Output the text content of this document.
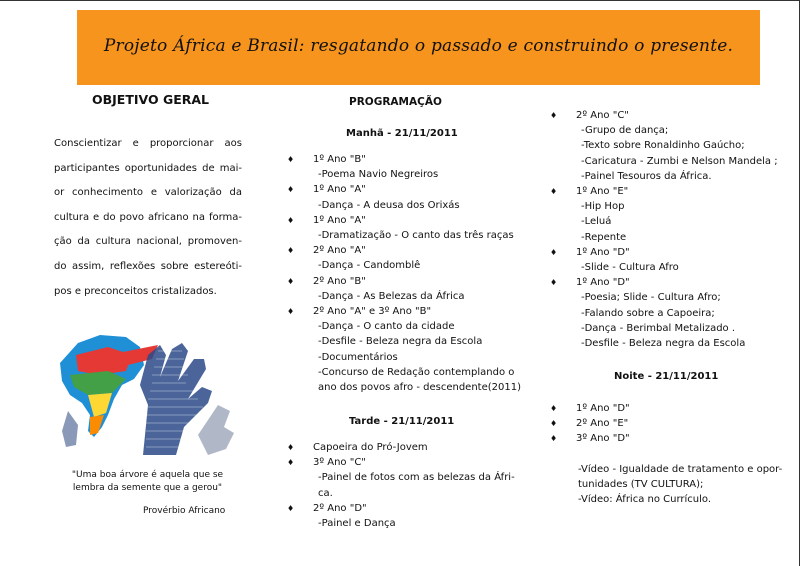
Projeto África e Brasil: resgatando o passado e construindo o presente.
OBJETIVO GERAL

Conscientizar e proporcionar aos participantes oportunidades de mai- or conhecimento e valorização da cultura e do povo africano na forma- ção da cultura nacional, promoven- do assim, reflexões sobre estereóti- pos e preconceitos cristalizados.

"Uma boa árvore é aquela que se lembra da semente que a gerou"

Provérbio Africano
PROGRAMAÇÃO
Manhã - 21/11/2011
♦ 1º Ano "B"
-Poema Navio Negreiros
♦ 1º Ano "A"
-Dança - A deusa dos Orixás
♦ 1º Ano "A"
-Dramatização - O canto das três raças
♦ 2º Ano "A"
-Dança - Candomblê
♦ 2º Ano "B"
-Dança - As Belezas da África
♦ 2º Ano "A" e 3º Ano "B"
-Dança - O canto da cidade
-Desfile - Beleza negra da Escola
-Documentários
-Concurso de Redação contemplando o
ano dos povos afro - descendente(2011)
Tarde - 21/11/2011
♦ Capoeira do Pró-Jovem
♦ 3º Ano "C"
-Painel de fotos com as belezas da Áfri-
ca.
♦ 2º Ano "D"
-Painel e Dança
♦ 2º Ano "C"
-Grupo de dança;
-Texto sobre Ronaldinho Gaúcho;
-Caricatura - Zumbi e Nelson Mandela ;
-Painel Tesouros da África.
♦ 1º Ano "E"
-Hip Hop
-Leluá
-Repente
♦ 1º Ano "D"
-Slide - Cultura Afro
♦ 1º Ano "D"
-Poesia; Slide - Cultura Afro;
-Falando sobre a Capoeira;
-Dança - Berimbal Metalizado .
-Desfile - Beleza negra da Escola
Noite - 21/11/2011
♦ 1º Ano "D"
♦ 2º Ano "E"
♦ 3º Ano "D"
-Vídeo - Igualdade de tratamento e opor-
tunidades (TV CULTURA);
-Vídeo: África no Currículo.
